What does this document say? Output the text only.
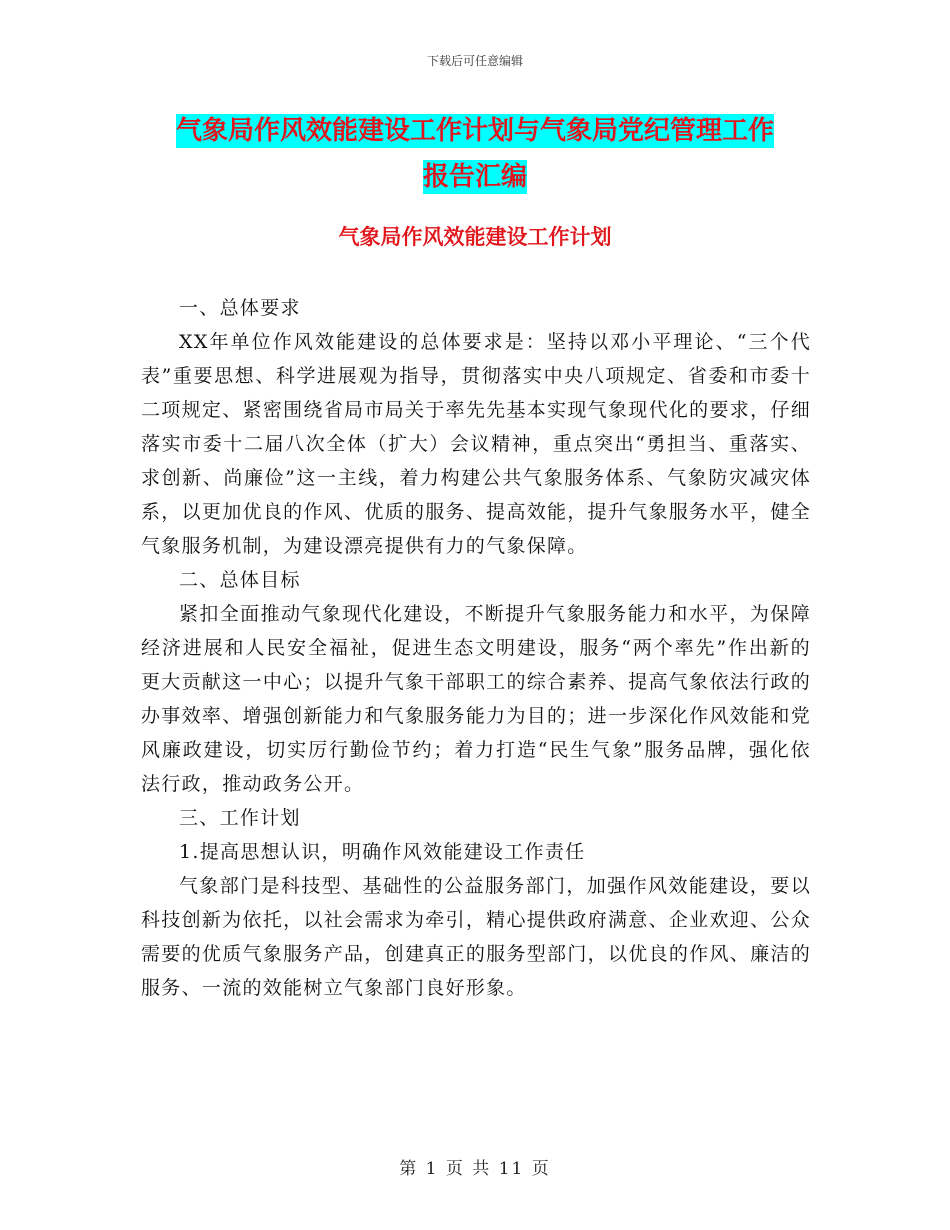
下载后可任意编辑
气象局作风效能建设工作计划与气象局党纪管理工作
报告汇编
气象局作风效能建设工作计划

一、总体要求

XX年单位作风效能建设的总体要求是：坚持以邓小平理论、“三个代表”重要思想、科学进展观为指导，贯彻落实中央八项规定、省委和市委十二项规定、紧密围绕省局市局关于率先先基本实现气象现代化的要求，仔细落实市委十二届八次全体（扩大）会议精神，重点突出“勇担当、重落实、求创新、尚廉俭”这一主线，着力构建公共气象服务体系、气象防灾减灾体系，以更加优良的作风、优质的服务、提高效能，提升气象服务水平，健全气象服务机制，为建设漂亮提供有力的气象保障。

二、总体目标

紧扣全面推动气象现代化建设，不断提升气象服务能力和水平，为保障经济进展和人民安全福祉，促进生态文明建设，服务“两个率先”作出新的更大贡献这一中心；以提升气象干部职工的综合素养、提高气象依法行政的办事效率、增强创新能力和气象服务能力为目的；进一步深化作风效能和党风廉政建设，切实厉行勤俭节约；着力打造“民生气象”服务品牌，强化依法行政，推动政务公开。

三、工作计划

1.提高思想认识，明确作风效能建设工作责任

气象部门是科技型、基础性的公益服务部门，加强作风效能建设，要以科技创新为依托，以社会需求为牵引，精心提供政府满意、企业欢迎、公众需要的优质气象服务产品，创建真正的服务型部门，以优良的作风、廉洁的服务、一流的效能树立气象部门良好形象。

第 1 页 共 11 页
